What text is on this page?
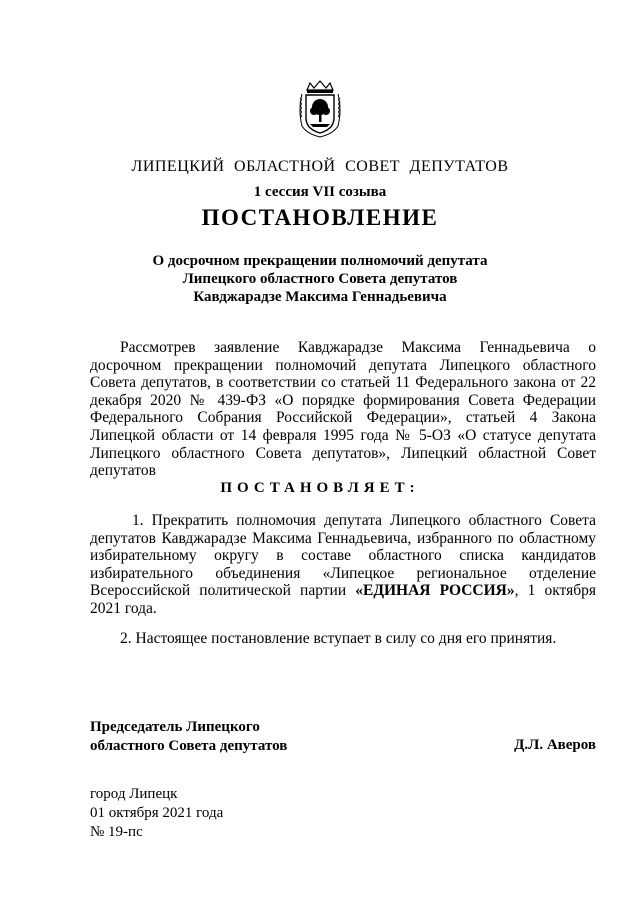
ЛИПЕЦКИЙ ОБЛАСТНОЙ СОВЕТ ДЕПУТАТОВ
1 сессия VII созыва
ПОСТАНОВЛЕНИЕ
О досрочном прекращении полномочий депутата
Липецкого областного Совета депутатов
Кавджарадзе Максима Геннадьевича
Рассмотрев заявление Кавджарадзе Максима Геннадьевича о досрочном прекращении полномочий депутата Липецкого областного Совета депутатов, в соответствии со статьей 11 Федерального закона от 22 декабря 2020 № 439-ФЗ «О порядке формирования Совета Федерации Федерального Собрания Российской Федерации», статьей 4 Закона Липецкой области от 14 февраля 1995 года № 5-ОЗ «О статусе депутата Липецкого областного Совета депутатов», Липецкий областной Совет депутатов
ПОСТАНОВЛЯЕТ:
1. Прекратить полномочия депутата Липецкого областного Совета депутатов Кавджарадзе Максима Геннадьевича, избранного по областному избирательному округу в составе областного списка кандидатов избирательного объединения «Липецкое региональное отделение Всероссийской политической партии «ЕДИНАЯ РОССИЯ», 1 октября 2021 года.
2. Настоящее постановление вступает в силу со дня его принятия.
Председатель Липецкого
областного Совета депутатов	Д.Л. Аверов
город Липецк
01 октября 2021 года
№ 19-пс
